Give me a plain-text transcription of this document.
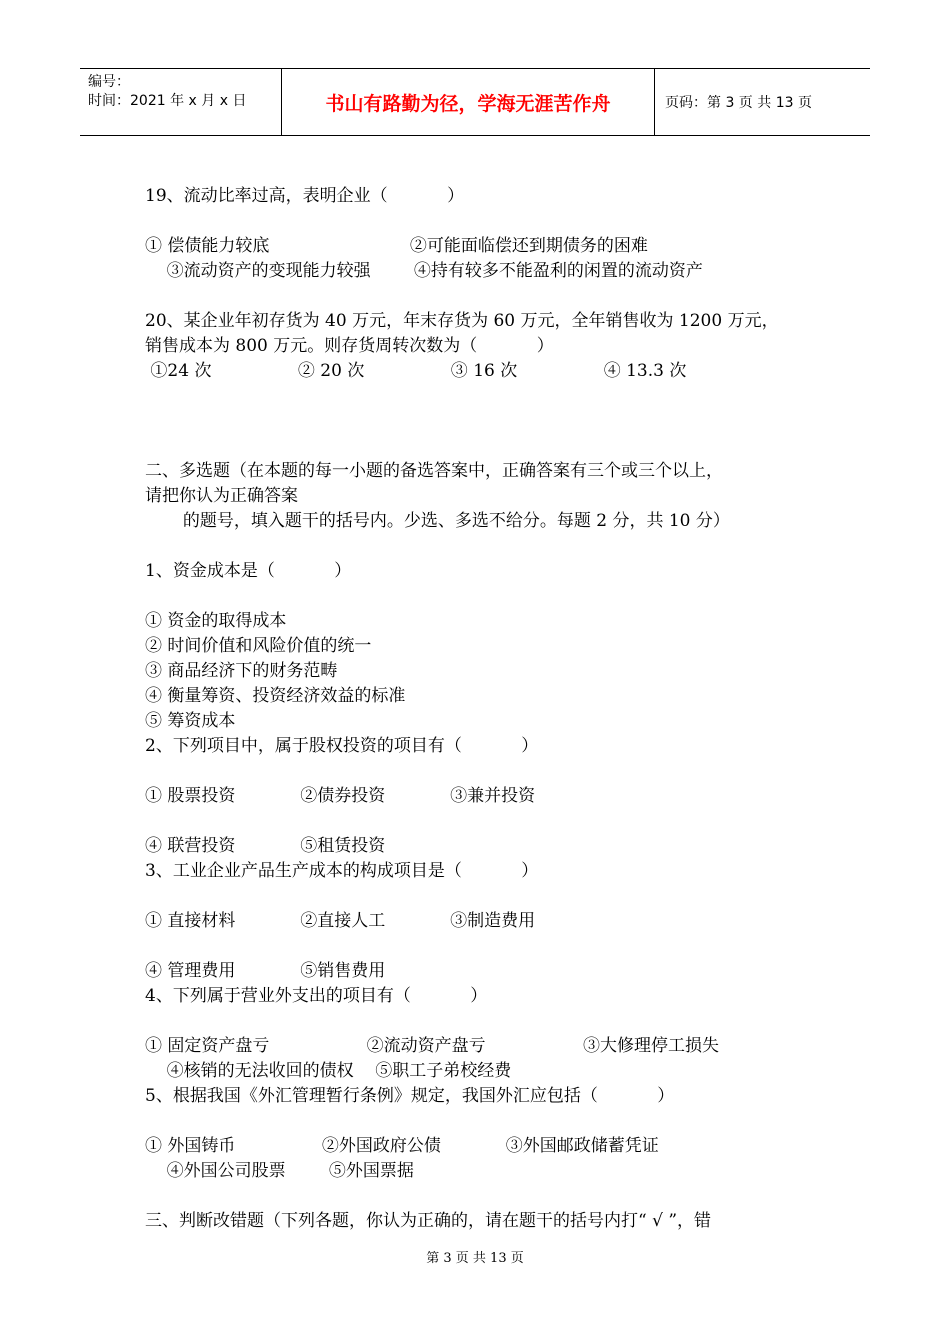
编号：
时间：2021 年 x 月 x 日	书山有路勤为径，学海无涯苦作舟	页码：第 3 页 共 13 页
19、流动比率过高，表明企业（           ）
① 偿债能力较底                          ②可能面临偿还到期债务的困难
③流动资产的变现能力较强        ④持有较多不能盈利的闲置的流动资产
20、某企业年初存货为 40 万元，年末存货为 60 万元，全年销售收为 1200 万元，
销售成本为 800 万元。则存货周转次数为（           ）
①24 次                ② 20 次                ③ 16 次                ④ 13.3 次
二、多选题（在本题的每一小题的备选答案中，正确答案有三个或三个以上，
请把你认为正确答案
的题号，填入题干的括号内。少选、多选不给分。每题 2 分，共 10 分）
1、资金成本是（           ）
① 资金的取得成本
② 时间价值和风险价值的统一
③ 商品经济下的财务范畴
④ 衡量筹资、投资经济效益的标准
⑤ 筹资成本
2、下列项目中，属于股权投资的项目有（           ）
① 股票投资            ②债券投资            ③兼并投资
④ 联营投资            ⑤租赁投资
3、工业企业产品生产成本的构成项目是（           ）
① 直接材料            ②直接人工            ③制造费用
④ 管理费用            ⑤销售费用
4、下列属于营业外支出的项目有（           ）
① 固定资产盘亏                  ②流动资产盘亏                  ③大修理停工损失
④核销的无法收回的债权    ⑤职工子弟校经费
5、根据我国《外汇管理暂行条例》规定，我国外汇应包括（           ）
① 外国铸币                ②外国政府公债            ③外国邮政储蓄凭证
④外国公司股票        ⑤外国票据
三、判断改错题（下列各题，你认为正确的，请在题干的括号内打“ √ ”，错
第 3 页 共 13 页
